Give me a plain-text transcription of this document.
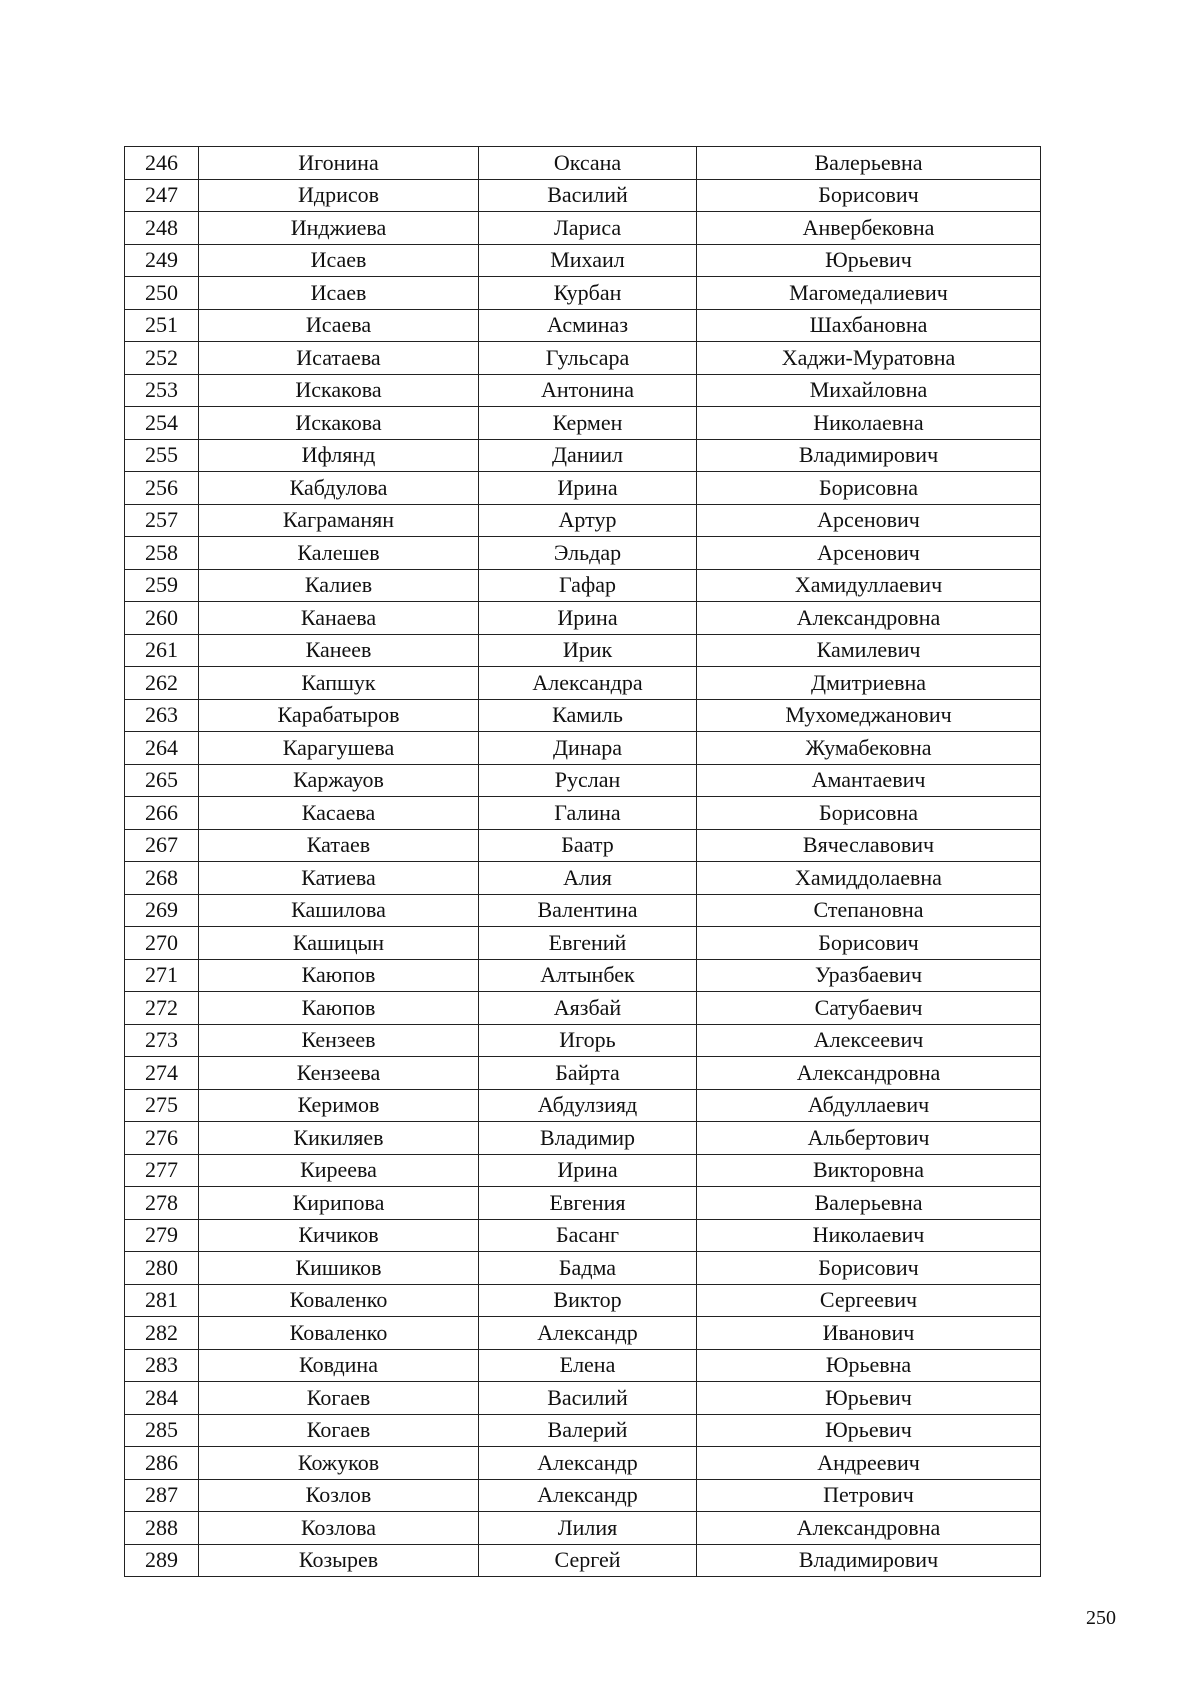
246	Игонина	Оксана	Валерьевна
247	Идрисов	Василий	Борисович
248	Инджиева	Лариса	Анвербековна
249	Исаев	Михаил	Юрьевич
250	Исаев	Курбан	Магомедалиевич
251	Исаева	Асминаз	Шахбановна
252	Исатаева	Гульсара	Хаджи-Муратовна
253	Искакова	Антонина	Михайловна
254	Искакова	Кермен	Николаевна
255	Ифлянд	Даниил	Владимирович
256	Кабдулова	Ирина	Борисовна
257	Каграманян	Артур	Арсенович
258	Калешев	Эльдар	Арсенович
259	Калиев	Гафар	Хамидуллаевич
260	Канаева	Ирина	Александровна
261	Канеев	Ирик	Камилевич
262	Капшук	Александра	Дмитриевна
263	Карабатыров	Камиль	Мухомеджанович
264	Карагушева	Динара	Жумабековна
265	Каржауов	Руслан	Амантаевич
266	Касаева	Галина	Борисовна
267	Катаев	Баатр	Вячеславович
268	Катиева	Алия	Хамиддолаевна
269	Кашилова	Валентина	Степановна
270	Кашицын	Евгений	Борисович
271	Каюпов	Алтынбек	Уразбаевич
272	Каюпов	Аязбай	Сатубаевич
273	Кензеев	Игорь	Алексеевич
274	Кензеева	Байрта	Александровна
275	Керимов	Абдулзияд	Абдуллаевич
276	Кикиляев	Владимир	Альбертович
277	Киреева	Ирина	Викторовна
278	Кирипова	Евгения	Валерьевна
279	Кичиков	Басанг	Николаевич
280	Кишиков	Бадма	Борисович
281	Коваленко	Виктор	Сергеевич
282	Коваленко	Александр	Иванович
283	Ковдина	Елена	Юрьевна
284	Когаев	Василий	Юрьевич
285	Когаев	Валерий	Юрьевич
286	Кожуков	Александр	Андреевич
287	Козлов	Александр	Петрович
288	Козлова	Лилия	Александровна
289	Козырев	Сергей	Владимирович
250
